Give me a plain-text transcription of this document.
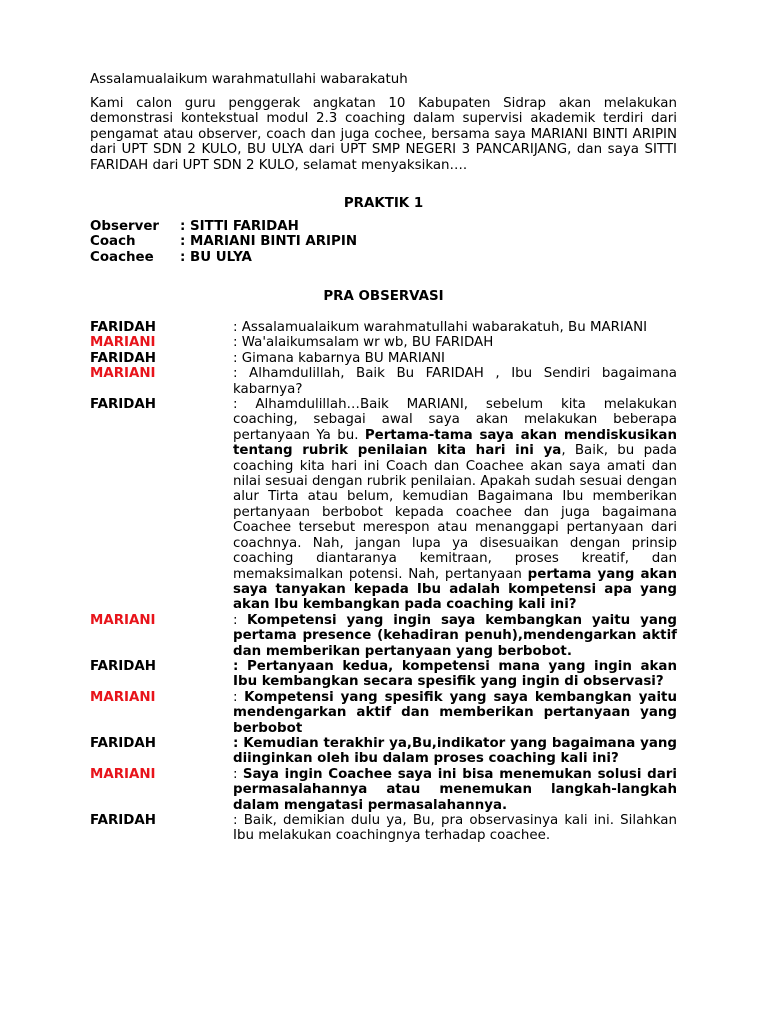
Assalamualaikum warahmatullahi wabarakatuh
Kami calon guru penggerak angkatan 10 Kabupaten Sidrap akan melakukan demonstrasi kontekstual modul 2.3 coaching dalam supervisi akademik terdiri dari pengamat atau observer, coach dan juga cochee, bersama saya MARIANI BINTI ARIPIN dari UPT SDN 2 KULO, BU ULYA dari UPT SMP NEGERI 3 PANCARIJANG, dan saya SITTI FARIDAH dari UPT SDN 2 KULO, selamat menyaksikan….
PRAKTIK 1
Observer : SITTI FARIDAH
Coach	: MARIANI BINTI ARIPIN
Coachee : BU ULYA
PRA OBSERVASI
FARIDAH	: Assalamualaikum warahmatullahi wabarakatuh, Bu MARIANI
MARIANI	: Wa'alaikumsalam wr wb, BU FARIDAH
FARIDAH	: Gimana kabarnya BU MARIANI
MARIANI	: Alhamdulillah, Baik Bu FARIDAH , Ibu Sendiri bagaimana kabarnya?
FARIDAH	: Alhamdulillah…Baik MARIANI, sebelum kita melakukan coaching, sebagai awal saya akan melakukan beberapa pertanyaan Ya bu. Pertama-tama saya akan mendiskusikan tentang rubrik penilaian kita hari ini ya, Baik, bu pada coaching kita hari ini Coach dan Coachee akan saya amati dan nilai sesuai dengan rubrik penilaian. Apakah sudah sesuai dengan alur Tirta atau belum, kemudian Bagaimana Ibu memberikan pertanyaan berbobot kepada coachee dan juga bagaimana Coachee tersebut merespon atau menanggapi pertanyaan dari coachnya. Nah, jangan lupa ya disesuaikan dengan prinsip coaching diantaranya kemitraan, proses kreatif, dan memaksimalkan potensi. Nah, pertanyaan pertama yang akan saya tanyakan kepada Ibu adalah kompetensi apa yang akan Ibu kembangkan pada coaching kali ini?
MARIANI	: Kompetensi yang ingin saya kembangkan yaitu yang pertama presence (kehadiran penuh),mendengarkan aktif dan memberikan pertanyaan yang berbobot.
FARIDAH	: Pertanyaan kedua, kompetensi mana yang ingin akan Ibu kembangkan secara spesifik yang ingin di observasi?
MARIANI	: Kompetensi yang spesifik yang saya kembangkan yaitu mendengarkan aktif dan memberikan pertanyaan yang berbobot
FARIDAH	: Kemudian terakhir ya,Bu,indikator yang bagaimana yang diinginkan oleh ibu dalam proses coaching kali ini?
MARIANI	: Saya ingin Coachee saya ini bisa menemukan solusi dari permasalahannya atau menemukan langkah-langkah dalam mengatasi permasalahannya.
FARIDAH	: Baik, demikian dulu ya, Bu, pra observasinya kali ini. Silahkan Ibu melakukan coachingnya terhadap coachee.
